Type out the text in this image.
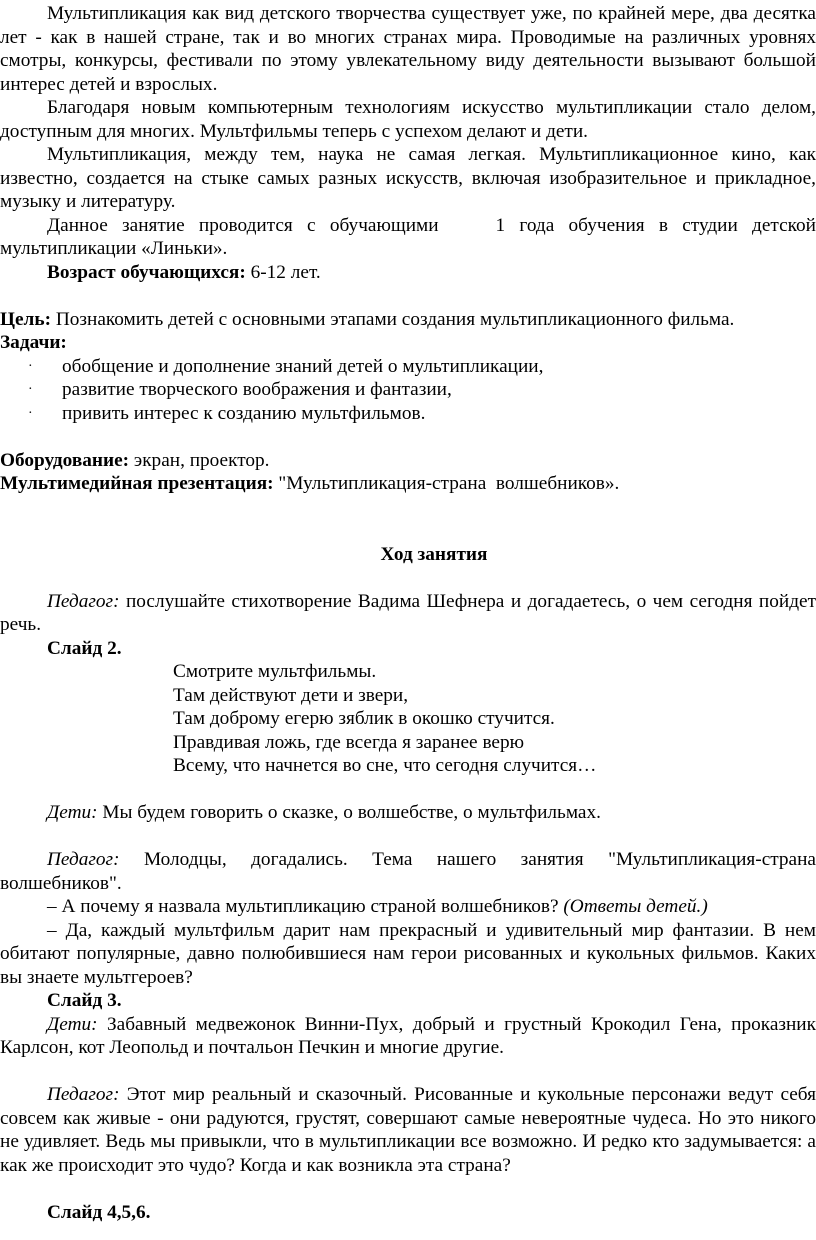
Мультипликация как вид детского творчества существует уже, по крайней мере, два десятка лет - как в нашей стране, так и во многих странах мира. Проводимые на различных уровнях смотры, конкурсы, фестивали по этому увлекательному виду деятельности вызывают большой интерес детей и взрослых.

Благодаря новым компьютерным технологиям искусство мультипликации стало делом, доступным для многих. Мультфильмы теперь с успехом делают и дети.

Мультипликация, между тем, наука не самая легкая. Мультипликационное кино, как известно, создается на стыке самых разных искусств, включая изобразительное и прикладное, музыку и литературу.

Данное занятие проводится с обучающими    1 года обучения в студии детской мультипликации «Линьки».

Возраст обучающихся: 6-12 лет.

Цель: Познакомить детей с основными этапами создания мультипликационного фильма.

Задачи:

· обобщение и дополнение знаний детей о мультипликации,
· развитие творческого воображения и фантазии,
· привить интерес к созданию мультфильмов.

Оборудование: экран, проектор.

Мультимедийная презентация: "Мультипликация-страна  волшебников».

Ход занятия

Педагог: послушайте стихотворение Вадима Шефнера и догадаетесь, о чем сегодня пойдет речь.

Слайд 2.

Смотрите мультфильмы.
Там действуют дети и звери,
Там доброму егерю зяблик в окошко стучится.
Правдивая ложь, где всегда я заранее верю
Всему, что начнется во сне, что сегодня случится…

Дети: Мы будем говорить о сказке, о волшебстве, о мультфильмах.

Педагог: Молодцы, догадались. Тема нашего занятия "Мультипликация-страна волшебников".

– А почему я назвала мультипликацию страной волшебников? (Ответы детей.)

– Да, каждый мультфильм дарит нам прекрасный и удивительный мир фантазии. В нем обитают популярные, давно полюбившиеся нам герои рисованных и кукольных фильмов. Каких вы знаете мультгероев?

Слайд 3.

Дети: Забавный медвежонок Винни-Пух, добрый и грустный Крокодил Гена, проказник Карлсон, кот Леопольд и почтальон Печкин и многие другие.

Педагог: Этот мир реальный и сказочный. Рисованные и кукольные персонажи ведут себя совсем как живые - они радуются, грустят, совершают самые невероятные чудеса. Но это никого не удивляет. Ведь мы привыкли, что в мультипликации все возможно. И редко кто задумывается: а как же происходит это чудо? Когда и как возникла эта страна?

Слайд 4,5,6.
